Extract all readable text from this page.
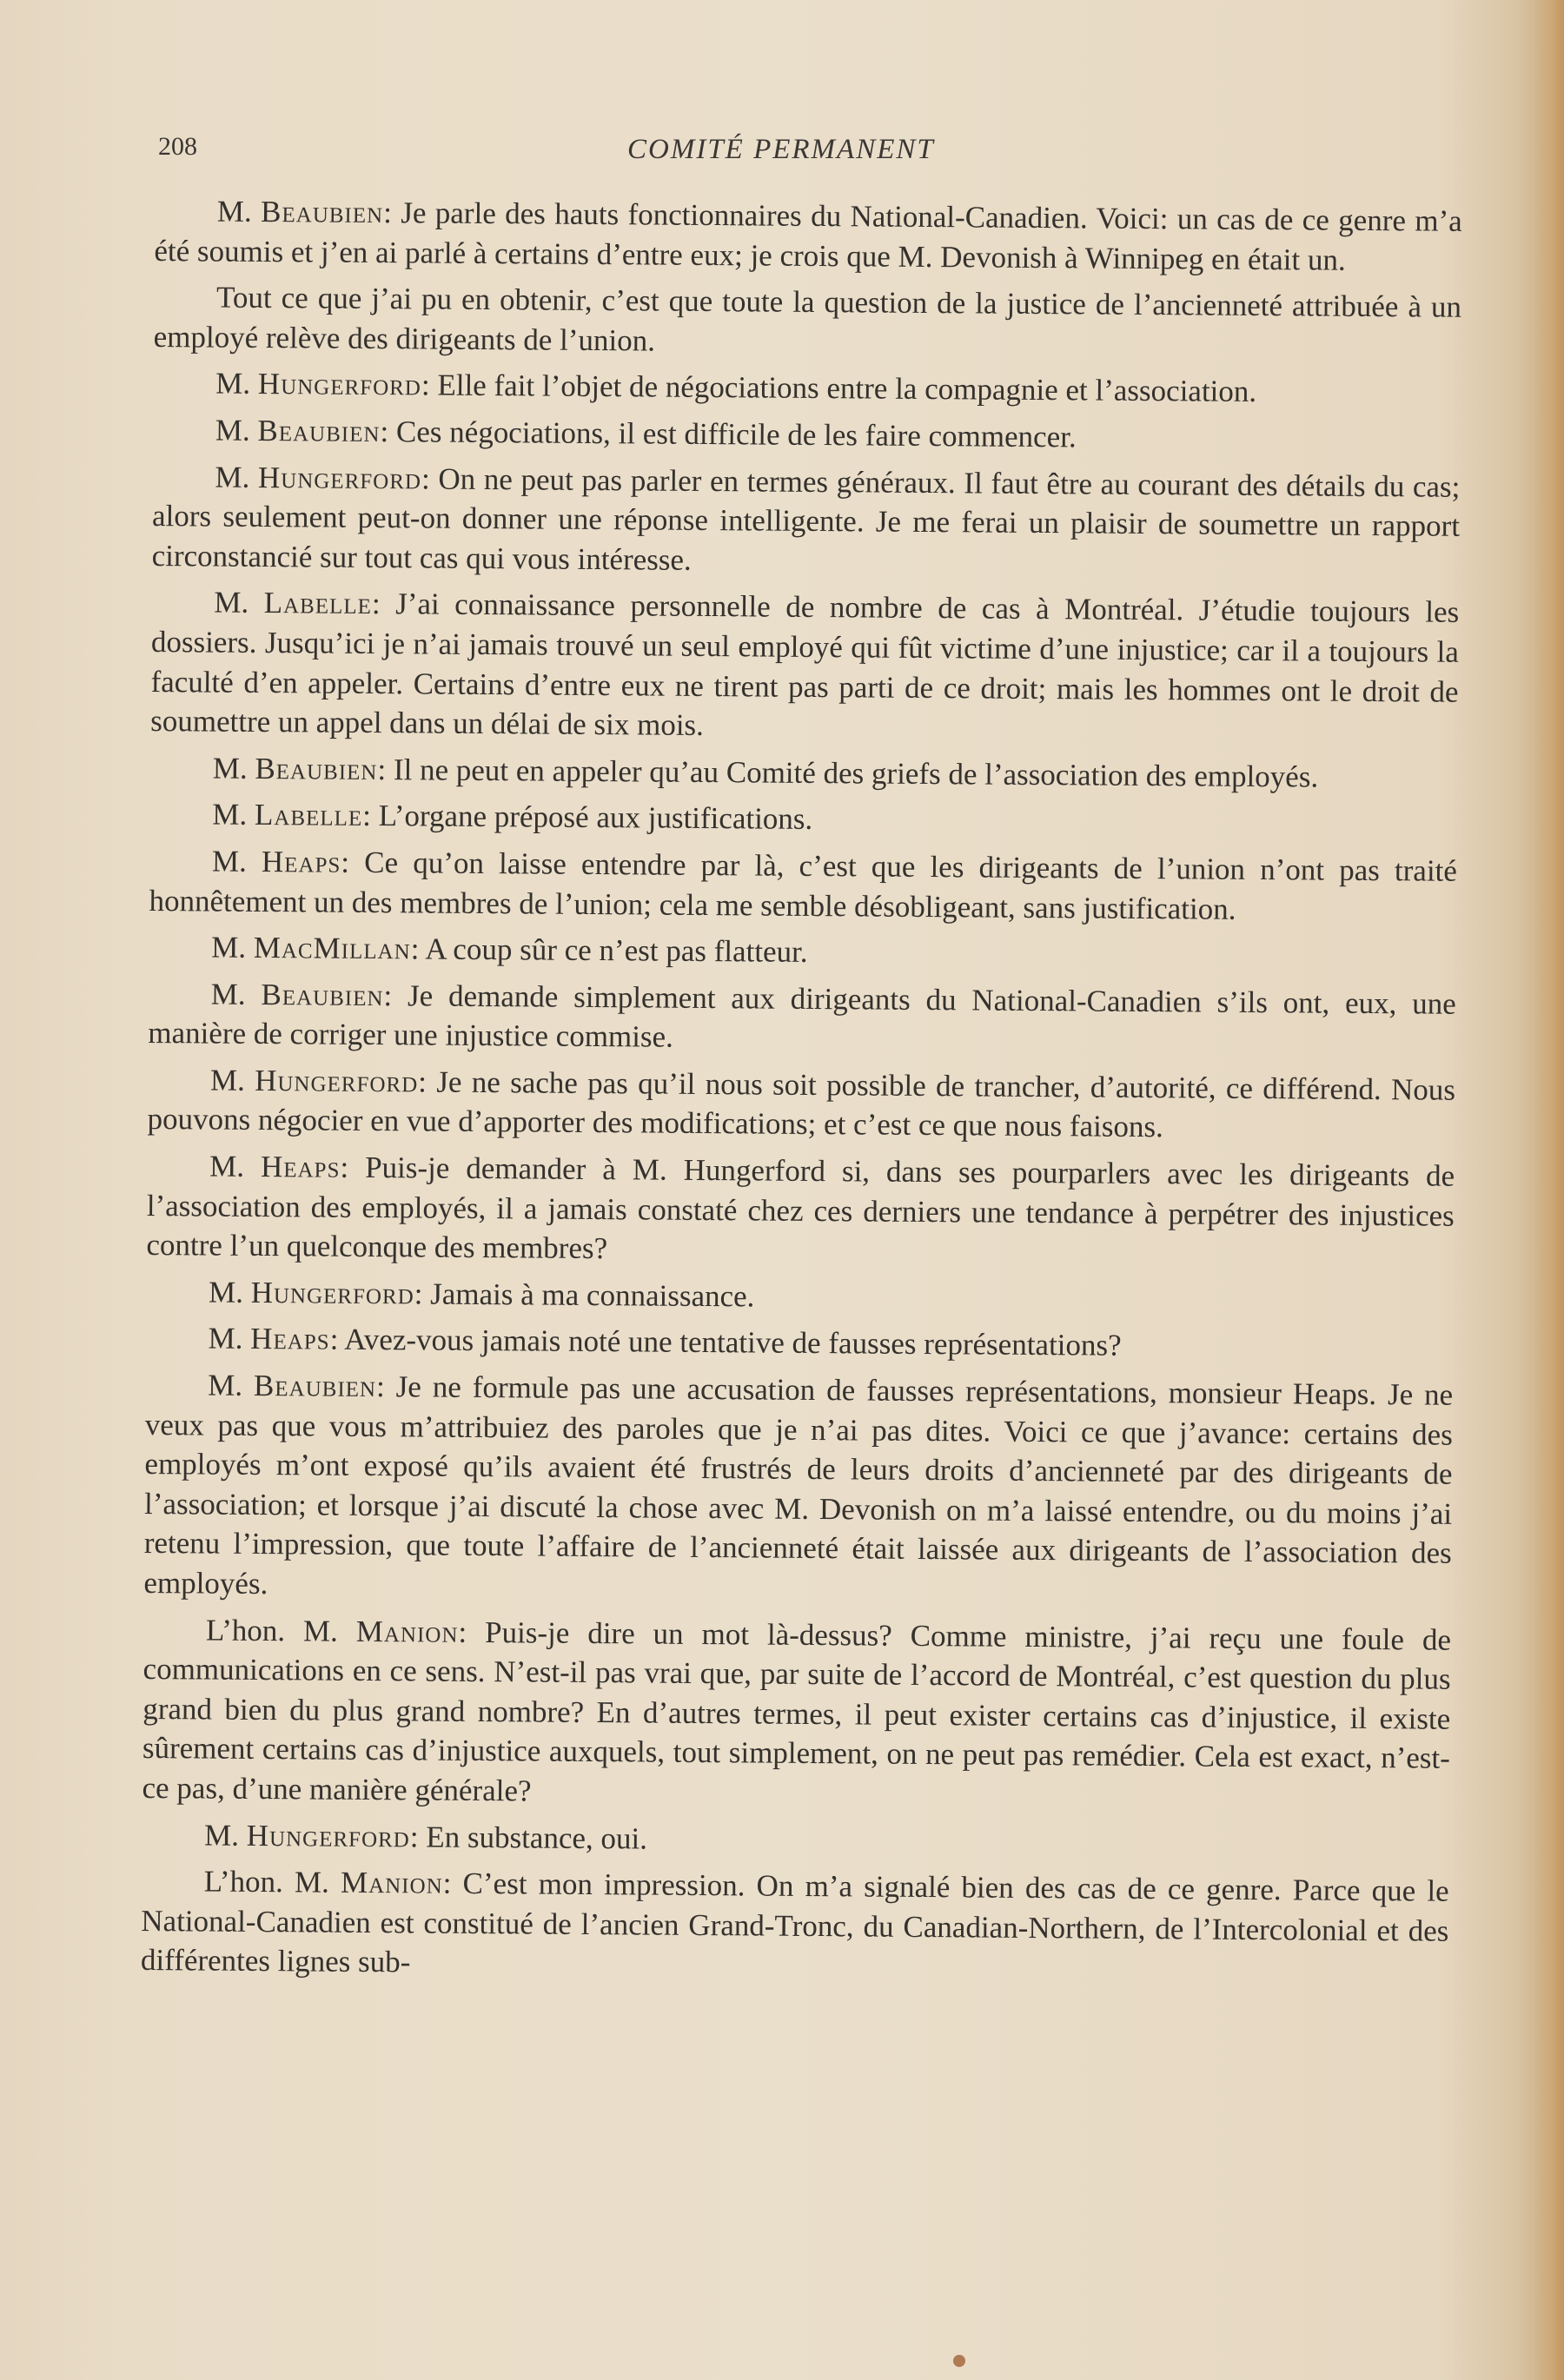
208	COMITÉ PERMANENT

M. Beaubien: Je parle des hauts fonctionnaires du National-Canadien. Voici: un cas de ce genre m’a été soumis et j’en ai parlé à certains d’entre eux; je crois que M. Devonish à Winnipeg en était un.

Tout ce que j’ai pu en obtenir, c’est que toute la question de la justice de l’ancienneté attribuée à un employé relève des dirigeants de l’union.

M. Hungerford: Elle fait l’objet de négociations entre la compagnie et l’association.

M. Beaubien: Ces négociations, il est difficile de les faire commencer.

M. Hungerford: On ne peut pas parler en termes généraux. Il faut être au courant des détails du cas; alors seulement peut-on donner une réponse intelligente. Je me ferai un plaisir de soumettre un rapport circonstancié sur tout cas qui vous intéresse.

M. Labelle: J’ai connaissance personnelle de nombre de cas à Montréal. J’étudie toujours les dossiers. Jusqu’ici je n’ai jamais trouvé un seul employé qui fût victime d’une injustice; car il a toujours la faculté d’en appeler. Certains d’entre eux ne tirent pas parti de ce droit; mais les hommes ont le droit de soumettre un appel dans un délai de six mois.

M. Beaubien: Il ne peut en appeler qu’au Comité des griefs de l’association des employés.

M. Labelle: L’organe préposé aux justifications.

M. Heaps: Ce qu’on laisse entendre par là, c’est que les dirigeants de l’union n’ont pas traité honnêtement un des membres de l’union; cela me semble désobligeant, sans justification.

M. MacMillan: A coup sûr ce n’est pas flatteur.

M. Beaubien: Je demande simplement aux dirigeants du National-Canadien s’ils ont, eux, une manière de corriger une injustice commise.

M. Hungerford: Je ne sache pas qu’il nous soit possible de trancher, d’autorité, ce différend. Nous pouvons négocier en vue d’apporter des modifications; et c’est ce que nous faisons.

M. Heaps: Puis-je demander à M. Hungerford si, dans ses pourparlers avec les dirigeants de l’association des employés, il a jamais constaté chez ces derniers une tendance à perpétrer des injustices contre l’un quelconque des membres?

M. Hungerford: Jamais à ma connaissance.

M. Heaps: Avez-vous jamais noté une tentative de fausses représentations?

M. Beaubien: Je ne formule pas une accusation de fausses représentations, monsieur Heaps. Je ne veux pas que vous m’attribuiez des paroles que je n’ai pas dites. Voici ce que j’avance: certains des employés m’ont exposé qu’ils avaient été frustrés de leurs droits d’ancienneté par des dirigeants de l’association; et lorsque j’ai discuté la chose avec M. Devonish on m’a laissé entendre, ou du moins j’ai retenu l’impression, que toute l’affaire de l’ancienneté était laissée aux dirigeants de l’association des employés.

L’hon. M. Manion: Puis-je dire un mot là-dessus? Comme ministre, j’ai reçu une foule de communications en ce sens. N’est-il pas vrai que, par suite de l’accord de Montréal, c’est question du plus grand bien du plus grand nombre? En d’autres termes, il peut exister certains cas d’injustice, il existe sûrement certains cas d’injustice auxquels, tout simplement, on ne peut pas remédier. Cela est exact, n’est-ce pas, d’une manière générale?

M. Hungerford: En substance, oui.

L’hon. M. Manion: C’est mon impression. On m’a signalé bien des cas de ce genre. Parce que le National-Canadien est constitué de l’ancien Grand-Tronc, du Canadian-Northern, de l’Intercolonial et des différentes lignes sub-
